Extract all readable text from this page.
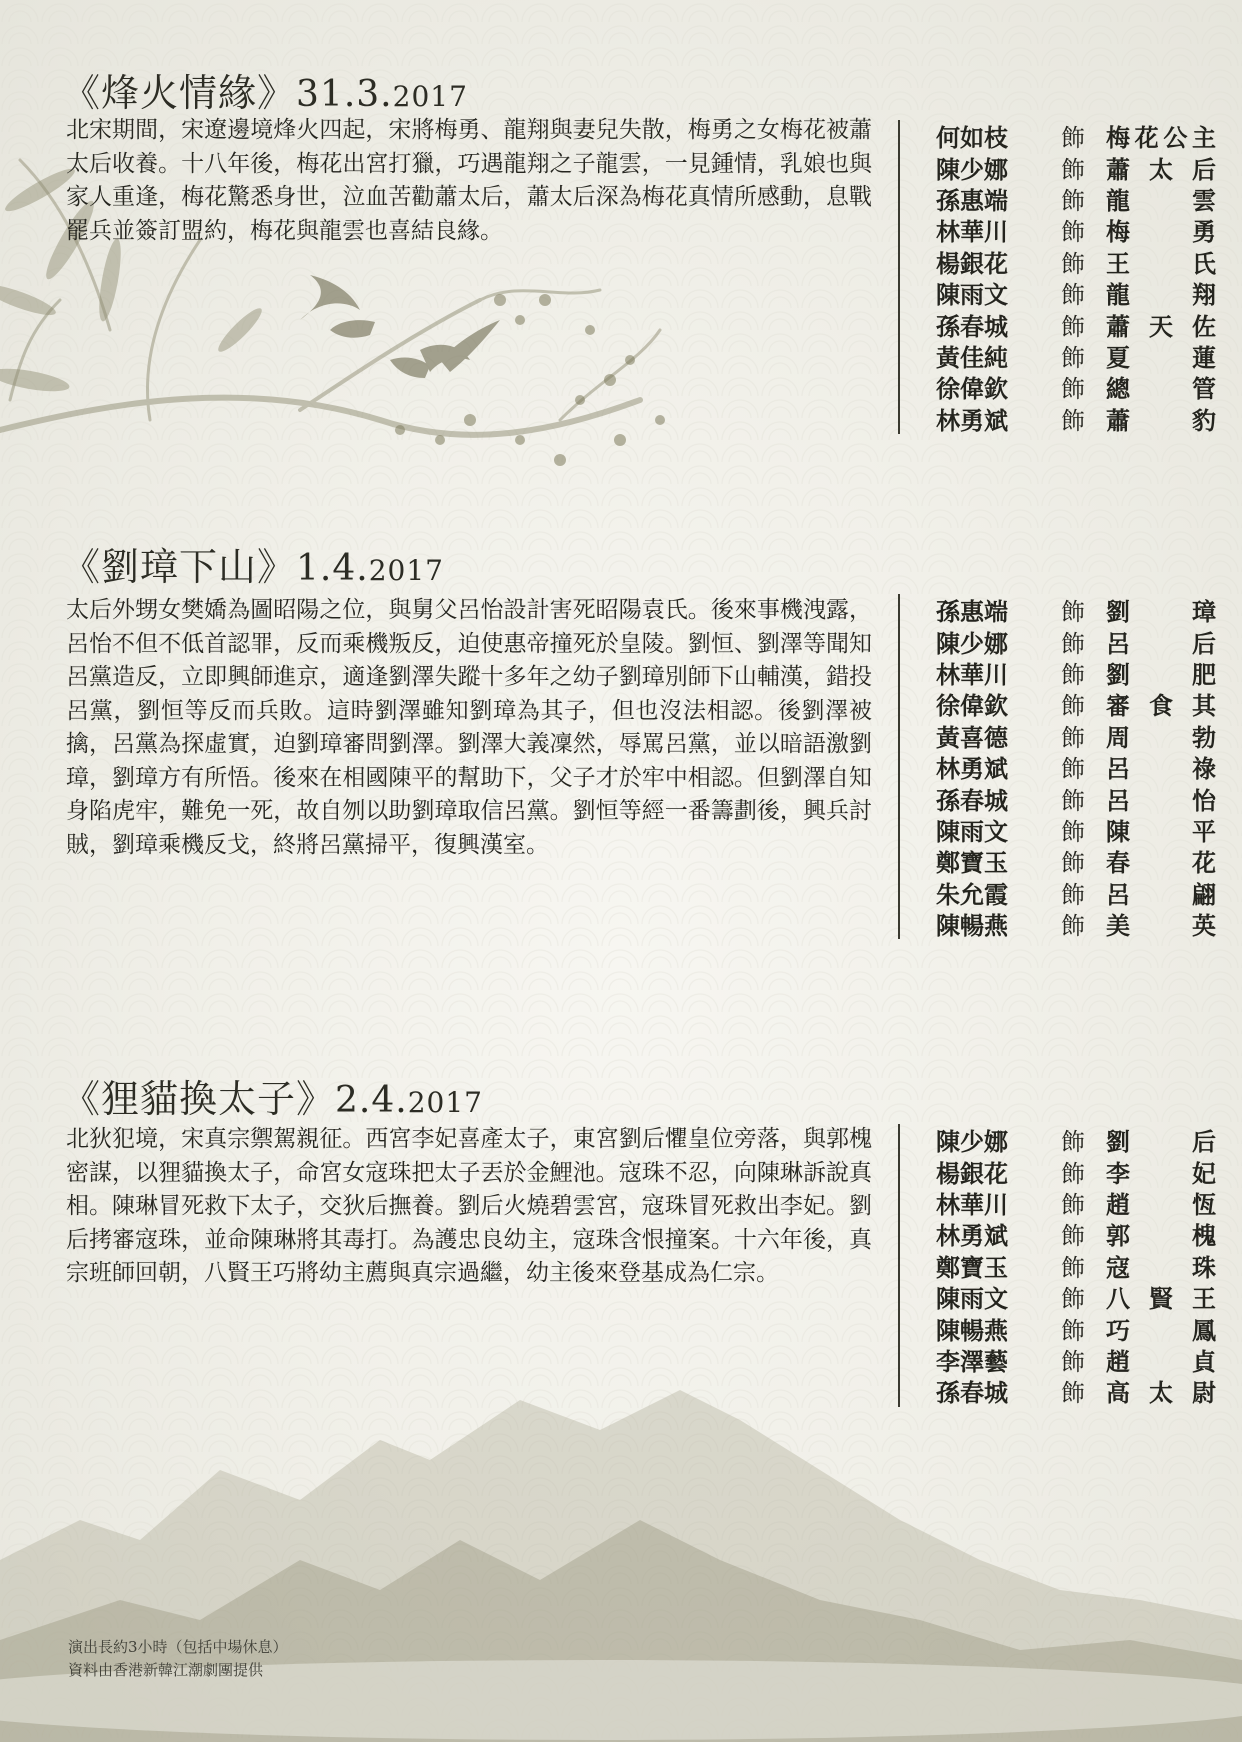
《烽火情緣》31.3.2017
北宋期間，宋遼邊境烽火四起，宋將梅勇、龍翔與妻兒失散，梅勇之女梅花被蕭太后收養。十八年後，梅花出宮打獵，巧遇龍翔之子龍雲，一見鍾情，乳娘也與家人重逢，梅花驚悉身世，泣血苦勸蕭太后，蕭太后深為梅花真情所感動，息戰罷兵並簽訂盟約，梅花與龍雲也喜結良緣。
何如枝	飾 梅花公主
陳少娜	飾 蕭太后
孫惠端	飾 龍雲
林華川	飾 梅勇
楊銀花	飾 王氏
陳雨文	飾 龍翔
孫春城	飾 蕭天佐
黃佳純	飾 夏蓮
徐偉欽	飾 總管
林勇斌	飾 蕭豹
《劉璋下山》1.4.2017
太后外甥女樊嬌為圖昭陽之位，與舅父呂怡設計害死昭陽袁氏。後來事機洩露，呂怡不但不低首認罪，反而乘機叛反，迫使惠帝撞死於皇陵。劉恒、劉澤等聞知呂黨造反，立即興師進京，適逢劉澤失蹤十多年之幼子劉璋別師下山輔漢，錯投呂黨，劉恒等反而兵敗。這時劉澤雖知劉璋為其子，但也沒法相認。後劉澤被擒，呂黨為探虛實，迫劉璋審問劉澤。劉澤大義凜然，辱罵呂黨，並以暗語激劉璋，劉璋方有所悟。後來在相國陳平的幫助下，父子才於牢中相認。但劉澤自知身陷虎牢，難免一死，故自刎以助劉璋取信呂黨。劉恒等經一番籌劃後，興兵討賊，劉璋乘機反戈，終將呂黨掃平，復興漢室。
孫惠端	飾 劉璋
陳少娜	飾 呂后
林華川	飾 劉肥
徐偉欽	飾 審食其
黃喜德	飾 周勃
林勇斌	飾 呂祿
孫春城	飾 呂怡
陳雨文	飾 陳平
鄭寶玉	飾 春花
朱允霞	飾 呂翩
陳暢燕	飾 美英
《狸貓換太子》2.4.2017
北狄犯境，宋真宗禦駕親征。西宮李妃喜產太子，東宮劉后懼皇位旁落，與郭槐密謀，以狸貓換太子，命宮女寇珠把太子丟於金鯉池。寇珠不忍，向陳琳訴說真相。陳琳冒死救下太子，交狄后撫養。劉后火燒碧雲宮，寇珠冒死救出李妃。劉后拷審寇珠，並命陳琳將其毒打。為護忠良幼主，寇珠含恨撞案。十六年後，真宗班師回朝，八賢王巧將幼主薦與真宗過繼，幼主後來登基成為仁宗。
陳少娜	飾 劉后
楊銀花	飾 李妃
林華川	飾 趙恆
林勇斌	飾 郭槐
鄭寶玉	飾 寇珠
陳雨文	飾 八賢王
陳暢燕	飾 巧鳳
李澤藝	飾 趙貞
孫春城	飾 高太尉
演出長約3小時（包括中場休息）
資料由香港新韓江潮劇團提供
